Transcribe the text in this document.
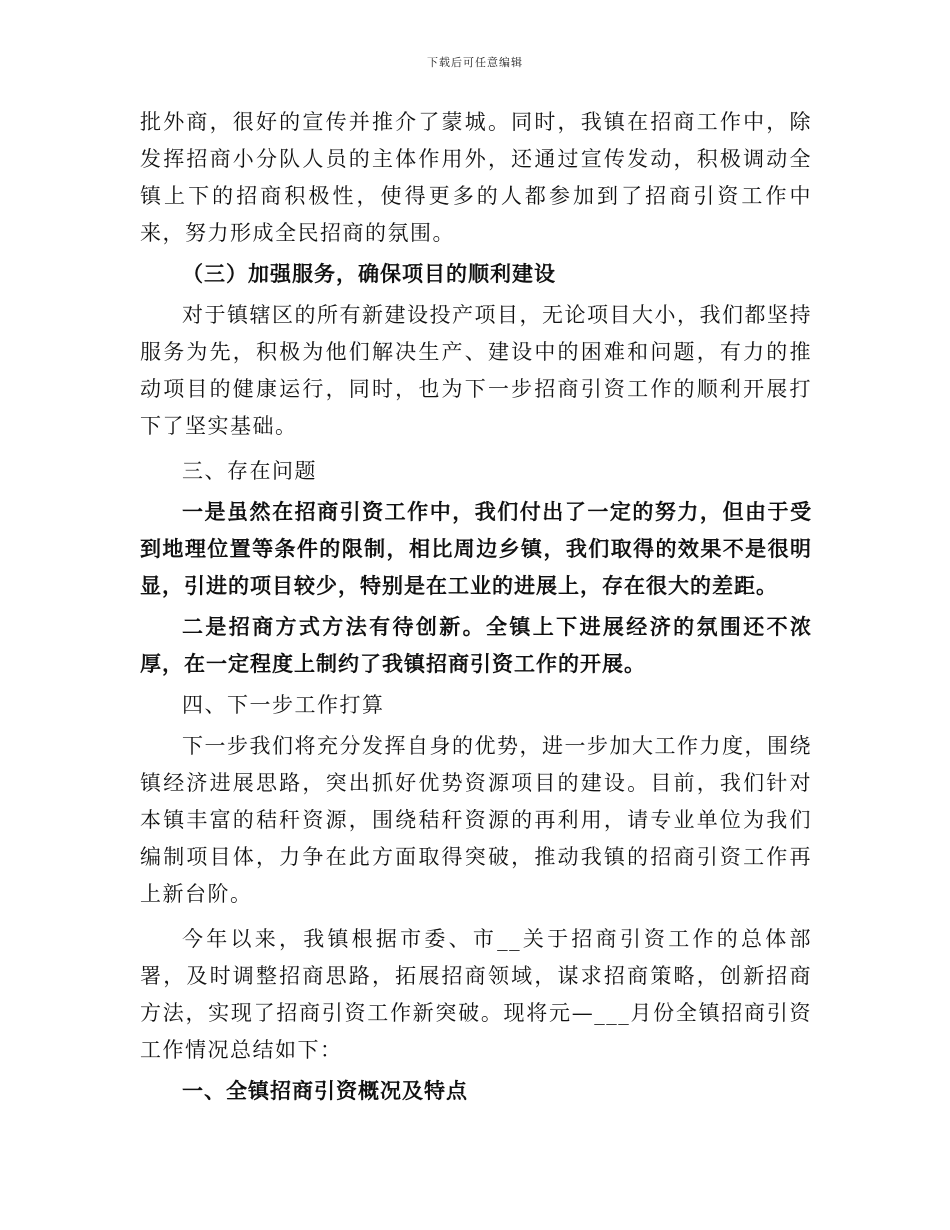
下载后可任意编辑

批外商，很好的宣传并推介了蒙城。同时，我镇在招商工作中，除发挥招商小分队人员的主体作用外，还通过宣传发动，积极调动全镇上下的招商积极性，使得更多的人都参加到了招商引资工作中来，努力形成全民招商的氛围。

（三）加强服务，确保项目的顺利建设

对于镇辖区的所有新建设投产项目，无论项目大小，我们都坚持服务为先，积极为他们解决生产、建设中的困难和问题，有力的推动项目的健康运行，同时，也为下一步招商引资工作的顺利开展打下了坚实基础。

三、存在问题

一是虽然在招商引资工作中，我们付出了一定的努力，但由于受到地理位置等条件的限制，相比周边乡镇，我们取得的效果不是很明显，引进的项目较少，特别是在工业的进展上，存在很大的差距。

二是招商方式方法有待创新。全镇上下进展经济的氛围还不浓厚，在一定程度上制约了我镇招商引资工作的开展。

四、下一步工作打算

下一步我们将充分发挥自身的优势，进一步加大工作力度，围绕镇经济进展思路，突出抓好优势资源项目的建设。目前，我们针对本镇丰富的秸秆资源，围绕秸秆资源的再利用，请专业单位为我们编制项目体，力争在此方面取得突破，推动我镇的招商引资工作再上新台阶。

今年以来，我镇根据市委、市__关于招商引资工作的总体部署，及时调整招商思路，拓展招商领域，谋求招商策略，创新招商方法，实现了招商引资工作新突破。现将元—___月份全镇招商引资工作情况总结如下：

一、全镇招商引资概况及特点
